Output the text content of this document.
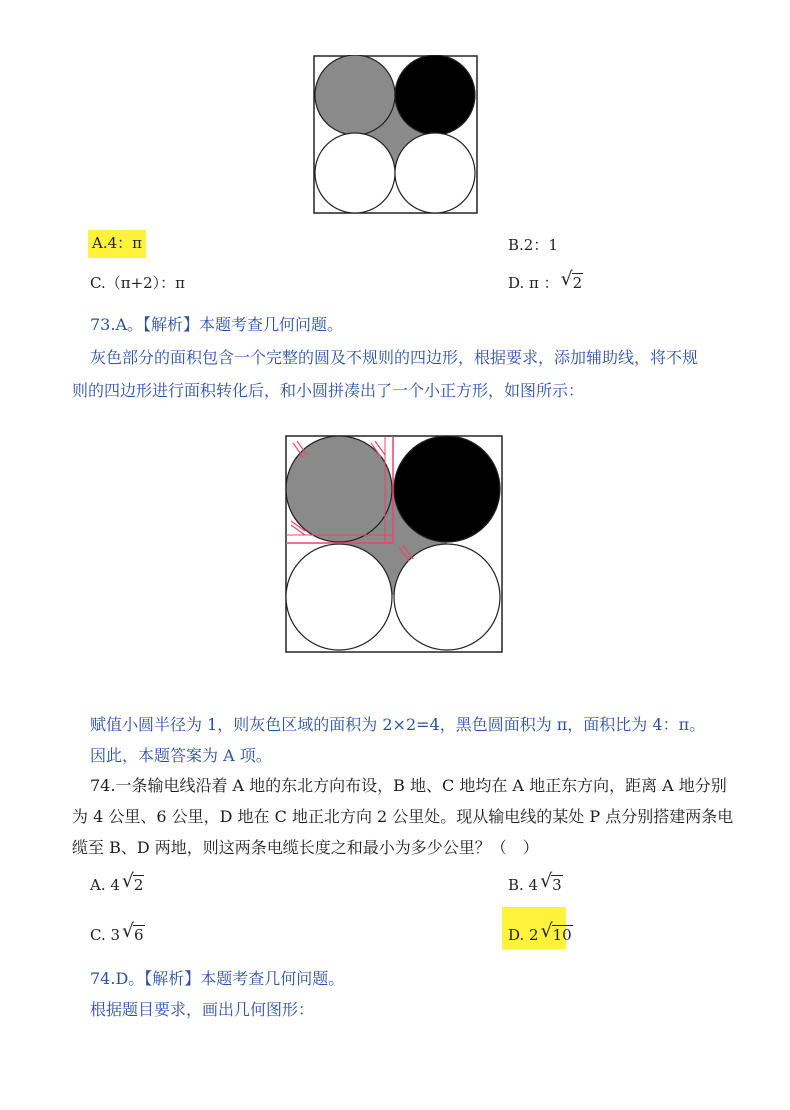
A.4：π	B.2：1
C.（π+2）：π	D. π ： √ 2
73.A。【解析】本题考查几何问题。
灰色部分的面积包含一个完整的圆及不规则的四边形，根据要求，添加辅助线，将不规
则的四边形进行面积转化后，和小圆拼凑出了一个小正方形，如图所示：
赋值小圆半径为 1，则灰色区域的面积为 2×2=4，黑色圆面积为 π，面积比为 4：π。
因此，本题答案为 A 项。
74.一条输电线沿着 A 地的东北方向布设，B 地、C 地均在 A 地正东方向，距离 A 地分别
为 4 公里、6 公里，D 地在 C 地正北方向 2 公里处。现从输电线的某处 P 点分别搭建两条电
缆至 B、D 两地，则这两条电缆长度之和最小为多少公里？（　）
A. 4 √ 2	B. 4 √ 3
C. 3 √ 6	D. 2 √ 10
74.D。【解析】本题考查几何问题。
根据题目要求，画出几何图形：
